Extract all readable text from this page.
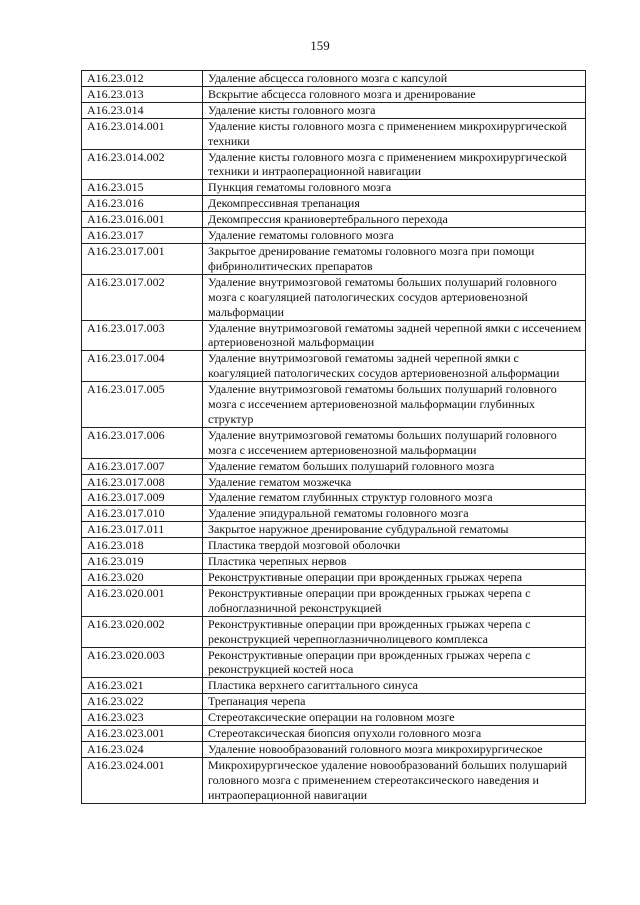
159
A16.23.012	Удаление абсцесса головного мозга с капсулой
A16.23.013	Вскрытие абсцесса головного мозга и дренирование
A16.23.014	Удаление кисты головного мозга
A16.23.014.001	Удаление кисты головного мозга с применением микрохирургической техники
A16.23.014.002	Удаление кисты головного мозга с применением микрохирургической техники и интраоперационной навигации
A16.23.015	Пункция гематомы головного мозга
A16.23.016	Декомпрессивная трепанация
A16.23.016.001	Декомпрессия краниовертебрального перехода
A16.23.017	Удаление гематомы головного мозга
A16.23.017.001	Закрытое дренирование гематомы головного мозга при помощи фибринолитических препаратов
A16.23.017.002	Удаление внутримозговой гематомы больших полушарий головного мозга с коагуляцией патологических сосудов артериовенозной мальформации
A16.23.017.003	Удаление внутримозговой гематомы задней черепной ямки с иссечением артериовенозной мальформации
A16.23.017.004	Удаление внутримозговой гематомы задней черепной ямки с коагуляцией патологических сосудов артериовенозной альформации
A16.23.017.005	Удаление внутримозговой гематомы больших полушарий головного мозга с иссечением артериовенозной мальформации глубинных структур
A16.23.017.006	Удаление внутримозговой гематомы больших полушарий головного мозга с иссечением артериовенозной мальформации
A16.23.017.007	Удаление гематом больших полушарий головного мозга
A16.23.017.008	Удаление гематом мозжечка
A16.23.017.009	Удаление гематом глубинных структур головного мозга
A16.23.017.010	Удаление эпидуральной гематомы головного мозга
A16.23.017.011	Закрытое наружное дренирование субдуральной гематомы
A16.23.018	Пластика твердой мозговой оболочки
A16.23.019	Пластика черепных нервов
A16.23.020	Реконструктивные операции при врожденных грыжах черепа
A16.23.020.001	Реконструктивные операции при врожденных грыжах черепа с лобноглазничной реконструкцией
A16.23.020.002	Реконструктивные операции при врожденных грыжах черепа с реконструкцией черепноглазничнолицевого комплекса
A16.23.020.003	Реконструктивные операции при врожденных грыжах черепа с реконструкцией костей носа
A16.23.021	Пластика верхнего сагиттального синуса
A16.23.022	Трепанация черепа
A16.23.023	Стереотаксические операции на головном мозге
A16.23.023.001	Стереотаксическая биопсия опухоли головного мозга
A16.23.024	Удаление новообразований головного мозга микрохирургическое
A16.23.024.001	Микрохирургическое удаление новообразований больших полушарий головного мозга с применением стереотаксического наведения и интраоперационной навигации
